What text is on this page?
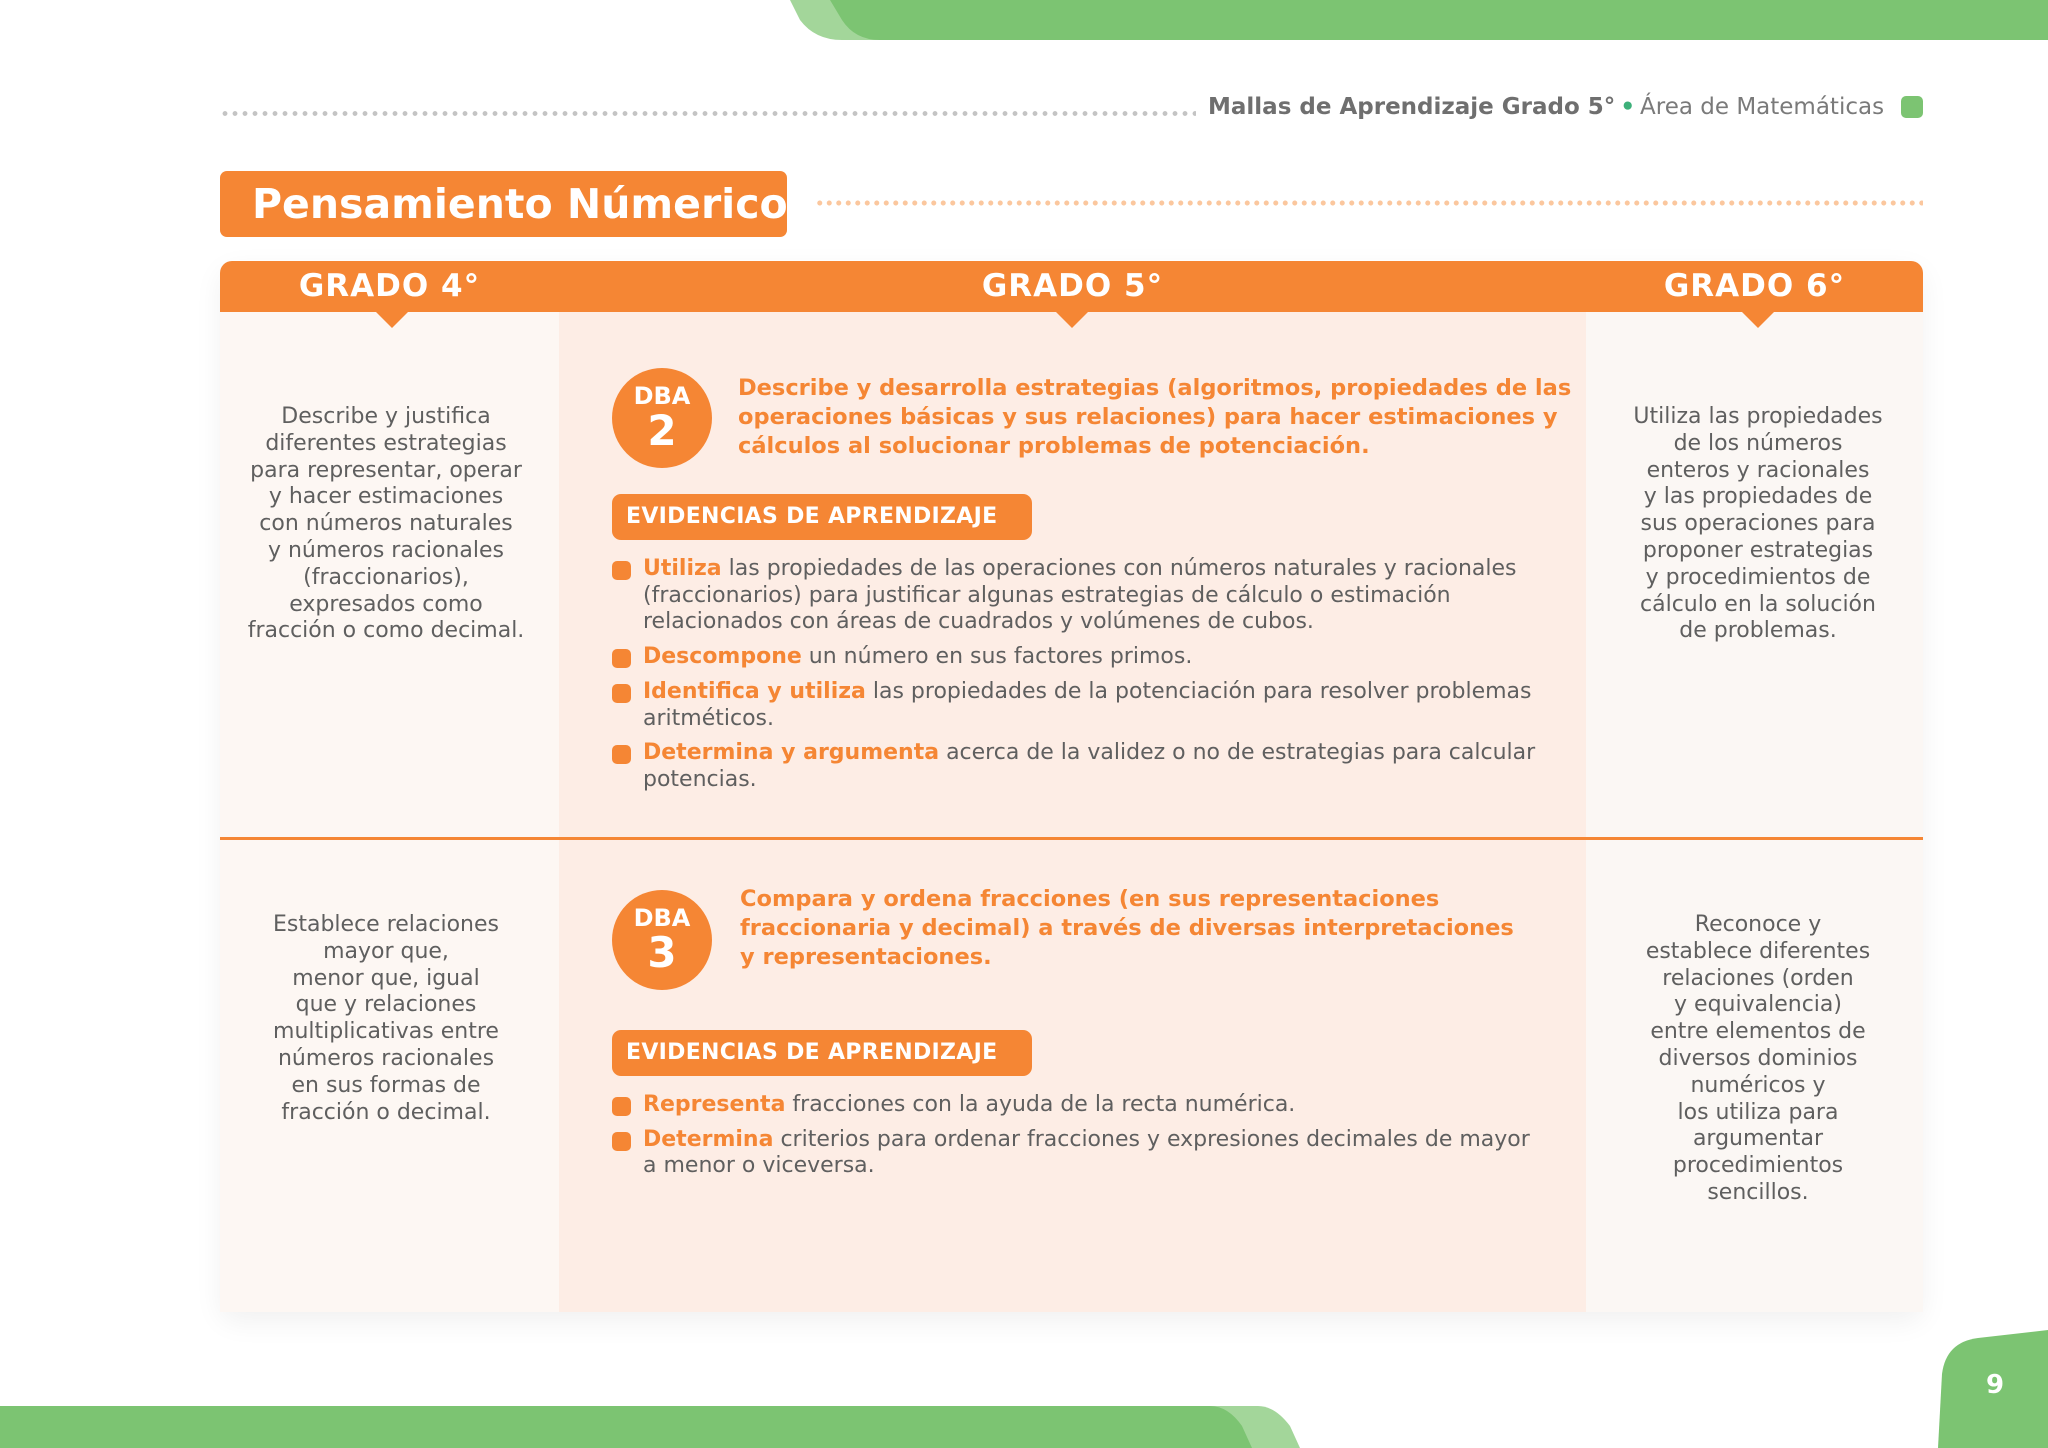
Mallas de Aprendizaje Grado 5° • Área de Matemáticas
Pensamiento Númerico
GRADO 4°	GRADO 5°	GRADO 6°
Describe y justifica
diferentes estrategias
para representar, operar
y hacer estimaciones
con números naturales
y números racionales
(fraccionarios),
expresados como
fracción o como decimal.
DBA
2
Describe y desarrolla estrategias (algoritmos, propiedades de las
operaciones básicas y sus relaciones) para hacer estimaciones y
cálculos al solucionar problemas de potenciación.
EVIDENCIAS DE APRENDIZAJE
Utiliza las propiedades de las operaciones con números naturales y racionales
(fraccionarios) para justificar algunas estrategias de cálculo o estimación
relacionados con áreas de cuadrados y volúmenes de cubos.
Descompone un número en sus factores primos.
Identifica y utiliza las propiedades de la potenciación para resolver problemas
aritméticos.
Determina y argumenta acerca de la validez o no de estrategias para calcular
potencias.
Utiliza las propiedades
de los números
enteros y racionales
y las propiedades de
sus operaciones para
proponer estrategias
y procedimientos de
cálculo en la solución
de problemas.
Establece relaciones
mayor que,
menor que, igual
que y relaciones
multiplicativas entre
números racionales
en sus formas de
fracción o decimal.
DBA
3
Compara y ordena fracciones (en sus representaciones
fraccionaria y decimal) a través de diversas interpretaciones
y representaciones.
EVIDENCIAS DE APRENDIZAJE
Representa fracciones con la ayuda de la recta numérica.
Determina criterios para ordenar fracciones y expresiones decimales de mayor
a menor o viceversa.
Reconoce y
establece diferentes
relaciones (orden
y equivalencia)
entre elementos de
diversos dominios
numéricos y
los utiliza para
argumentar
procedimientos
sencillos.
9
